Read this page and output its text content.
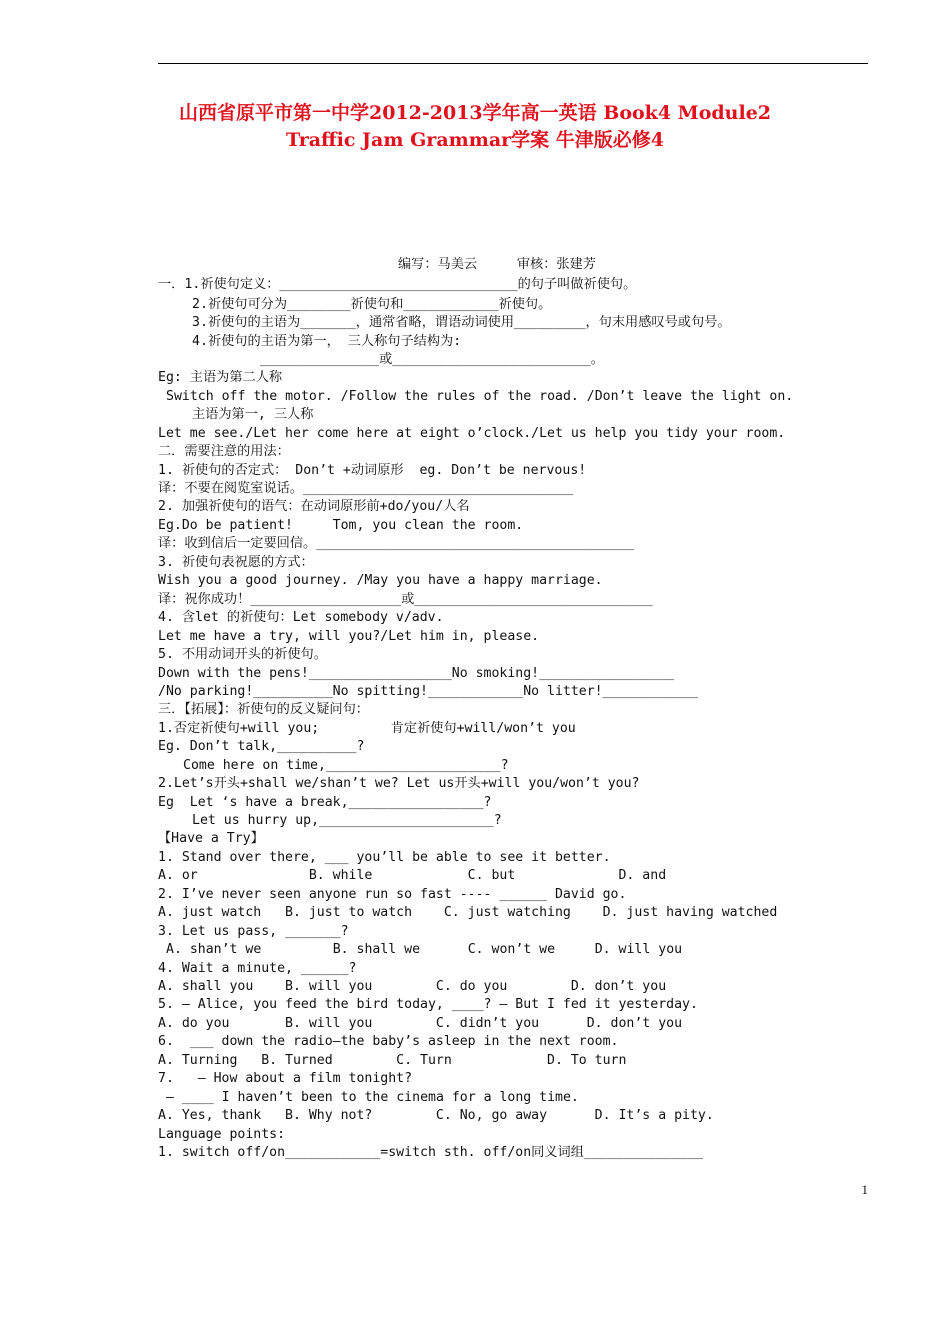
山西省原平市第一中学2012-2013学年高一英语 Book4 Module2
Traffic Jam Grammar学案 牛津版必修4
编写：马美云     审核：张建芳
一．1.祈使句定义：______________________________的句子叫做祈使句。
2.祈使句可分为________祈使句和____________祈使句。
3.祈使句的主语为_______，通常省略，谓语动词使用_________，句末用感叹号或句号。
4.祈使句的主语为第一， 三人称句子结构为:
_______________或_________________________。
Eg: 主语为第二人称
Switch off the motor. /Follow the rules of the road. /Don’t leave the light on.
主语为第一, 三人称
Let me see./Let her come here at eight o’clock./Let us help you tidy your room.
二．需要注意的用法：
1. 祈使句的否定式： Don’t +动词原形  eg. Don’t be nervous!
译：不要在阅览室说话。__________________________________
2. 加强祈使句的语气：在动词原形前+do/you/人名
Eg.Do be patient!     Tom, you clean the room.
译：收到信后一定要回信。________________________________________
3. 祈使句表祝愿的方式：
Wish you a good journey. /May you have a happy marriage.
译：祝你成功！___________________或______________________________
4. 含let 的祈使句：Let somebody v/adv.
Let me have a try, will you?/Let him in, please.
5. 不用动词开头的祈使句。
Down with the pens!__________________No smoking!_________________
/No parking!__________No spitting!____________No litter!____________
三．【拓展】：祈使句的反义疑问句：
1.否定祈使句+will you;         肯定祈使句+will/won’t you
Eg. Don’t talk,__________?
Come here on time,______________________?
2.Let’s开头+shall we/shan’t we? Let us开头+will you/won’t you?
Eg  Let ‘s have a break,_________________?
Let us hurry up,______________________?
【Have a Try】
1. Stand over there, ___ you’ll be able to see it better.
A. or              B. while            C. but             D. and
2. I’ve never seen anyone run so fast ---- ______ David go.
A. just watch   B. just to watch    C. just watching    D. just having watched
3. Let us pass, _______?
A. shan’t we         B. shall we      C. won’t we     D. will you
4. Wait a minute, ______?
A. shall you    B. will you        C. do you        D. don’t you
5. – Alice, you feed the bird today, ____? – But I fed it yesterday.
A. do you       B. will you        C. didn’t you      D. don’t you
6.  ___ down the radio—the baby’s asleep in the next room.
A. Turning   B. Turned        C. Turn            D. To turn
7.   – How about a film tonight?
– ____ I haven’t been to the cinema for a long time.
A. Yes, thank   B. Why not?        C. No, go away      D. It’s a pity.
Language points:
1. switch off/on____________=switch sth. off/on同义词组_______________
1
